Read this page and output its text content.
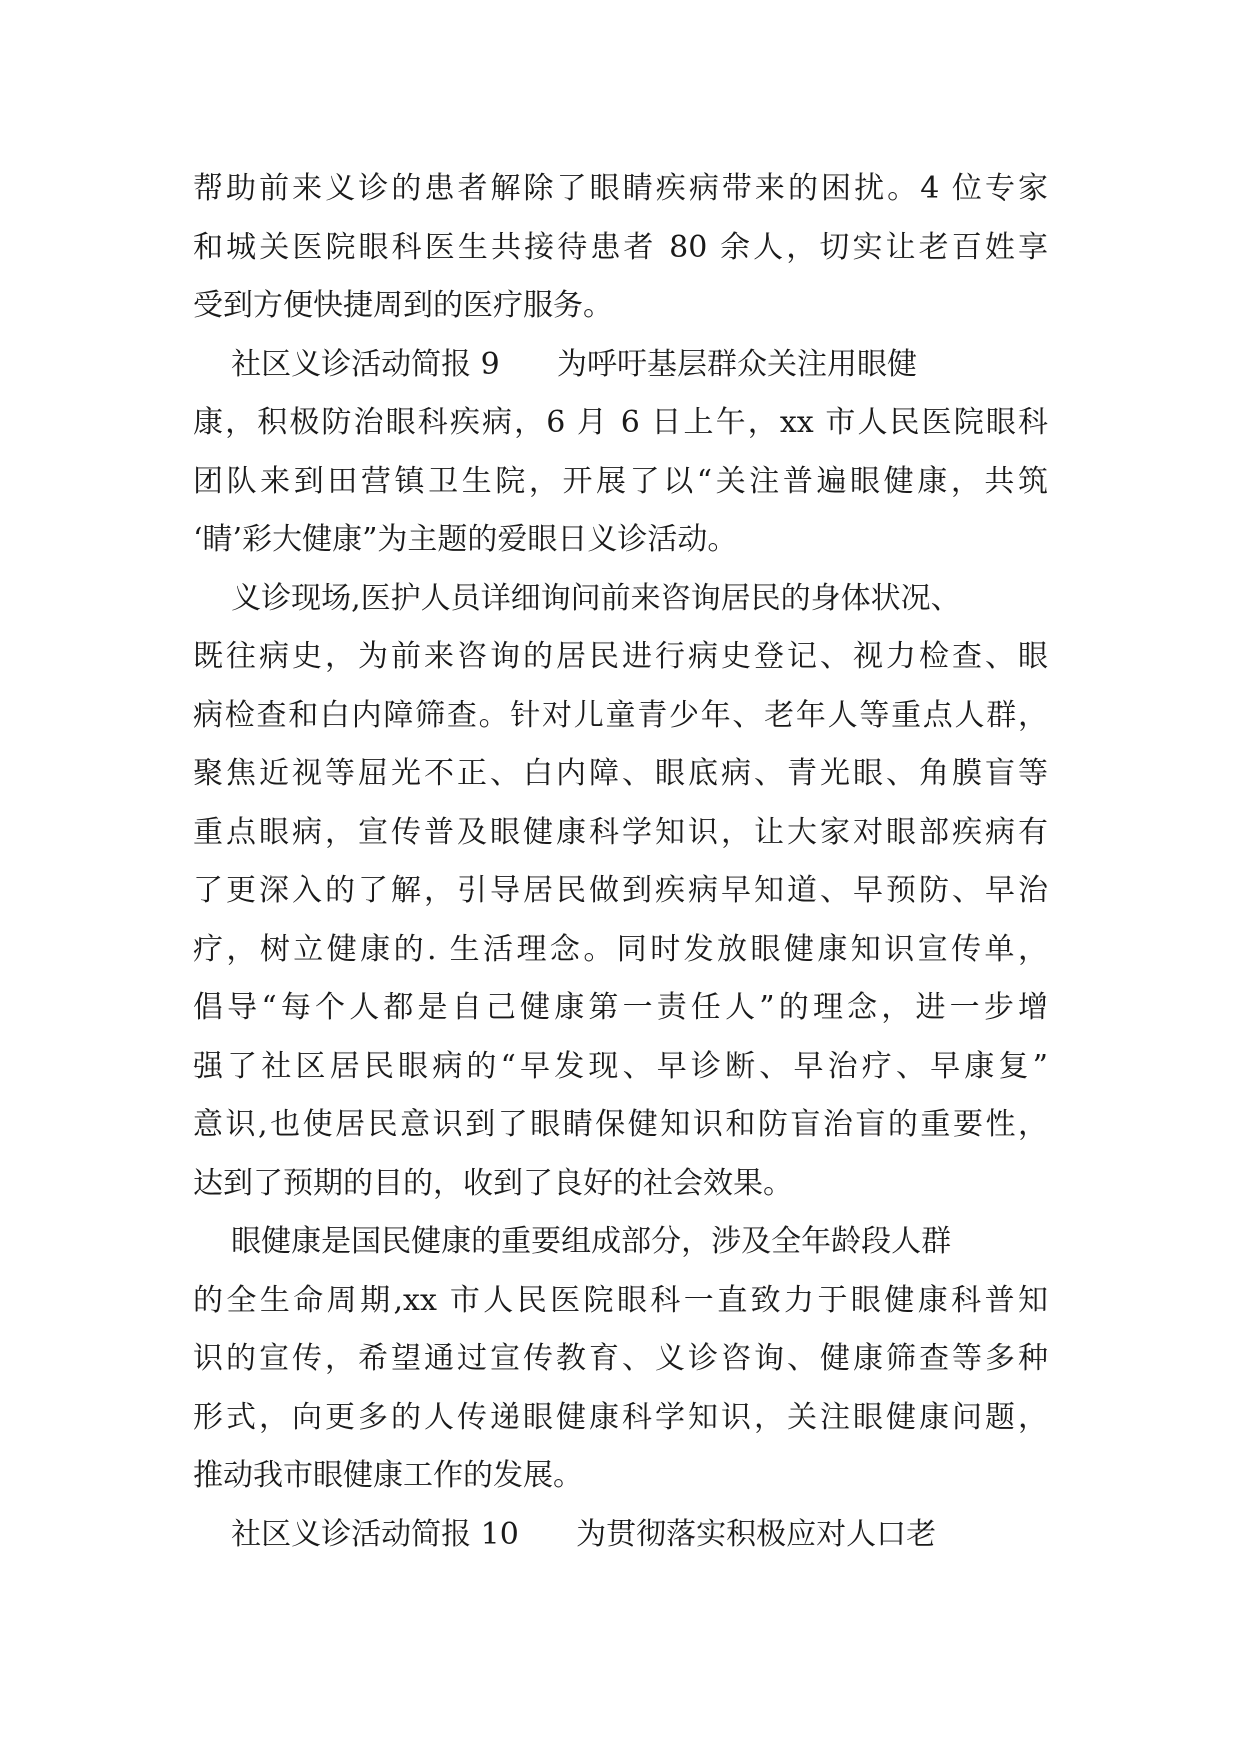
帮助前来义诊的患者解除了眼睛疾病带来的困扰。4 位专家

和城关医院眼科医生共接待患者 80 余人，切实让老百姓享

受到方便快捷周到的医疗服务。

社区义诊活动简报 9      为呼吁基层群众关注用眼健

康，积极防治眼科疾病，6 月 6 日上午，xx 市人民医院眼科

团队来到田营镇卫生院，开展了以“关注普遍眼健康，共筑

‘睛’彩大健康”为主题的爱眼日义诊活动。

义诊现场,医护人员详细询问前来咨询居民的身体状况、

既往病史，为前来咨询的居民进行病史登记、视力检查、眼

病检查和白内障筛查。针对儿童青少年、老年人等重点人群，

聚焦近视等屈光不正、白内障、眼底病、青光眼、角膜盲等

重点眼病，宣传普及眼健康科学知识，让大家对眼部疾病有

了更深入的了解，引导居民做到疾病早知道、早预防、早治

疗，树立健康的. 生活理念。同时发放眼健康知识宣传单，

倡导“每个人都是自己健康第一责任人”的理念，进一步增

强了社区居民眼病的“早发现、早诊断、早治疗、早康复”

意识,也使居民意识到了眼睛保健知识和防盲治盲的重要性，

达到了预期的目的，收到了良好的社会效果。

眼健康是国民健康的重要组成部分，涉及全年龄段人群

的全生命周期,xx 市人民医院眼科一直致力于眼健康科普知

识的宣传，希望通过宣传教育、义诊咨询、健康筛查等多种

形式，向更多的人传递眼健康科学知识，关注眼健康问题，

推动我市眼健康工作的发展。

社区义诊活动简报 10      为贯彻落实积极应对人口老
